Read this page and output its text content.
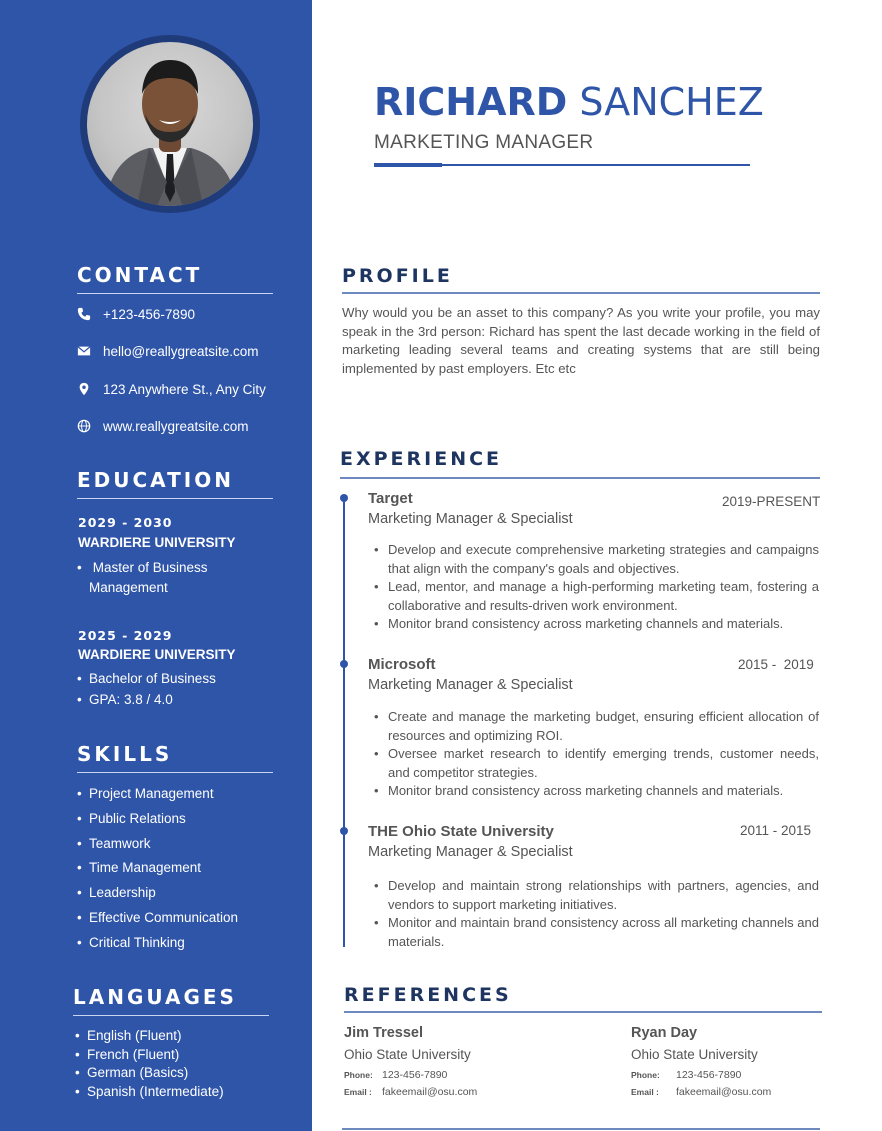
CONTACT
+123-456-7890
hello@reallygreatsite.com
123 Anywhere St., Any City
www.reallygreatsite.com
EDUCATION
2029 - 2030
WARDIERE UNIVERSITY
• Master of Business
Management
2025 - 2029
WARDIERE UNIVERSITY
• Bachelor of Business
• GPA: 3.8 / 4.0
SKILLS
• Project Management
• Public Relations
• Teamwork
• Time Management
• Leadership
• Effective Communication
• Critical Thinking
LANGUAGES
• English (Fluent)
• French (Fluent)
• German (Basics)
• Spanish (Intermediate)
RICHARD SANCHEZ
MARKETING MANAGER
PROFILE
Why would you be an asset to this company? As you write your profile, you may speak in the 3rd person: Richard has spent the last decade working in the field of marketing leading several teams and creating systems that are still being implemented by past employers. Etc etc
EXPERIENCE
Target	2019-PRESENT
Marketing Manager & Specialist
• Develop and execute comprehensive marketing strategies and campaigns that align with the company's goals and objectives.
• Lead, mentor, and manage a high-performing marketing team, fostering a collaborative and results-driven work environment.
• Monitor brand consistency across marketing channels and materials.
Microsoft	2015 -  2019
Marketing Manager & Specialist
• Create and manage the marketing budget, ensuring efficient allocation of resources and optimizing ROI.
• Oversee market research to identify emerging trends, customer needs, and competitor strategies.
• Monitor brand consistency across marketing channels and materials.
THE Ohio State University	2011 - 2015
Marketing Manager & Specialist
• Develop and maintain strong relationships with partners, agencies, and vendors to support marketing initiatives.
• Monitor and maintain brand consistency across all marketing channels and materials.
REFERENCES
Jim Tressel
Ohio State University
Phone: 123-456-7890
Email : fakeemail@osu.com
Ryan Day
Ohio State University
Phone: 123-456-7890
Email : fakeemail@osu.com
